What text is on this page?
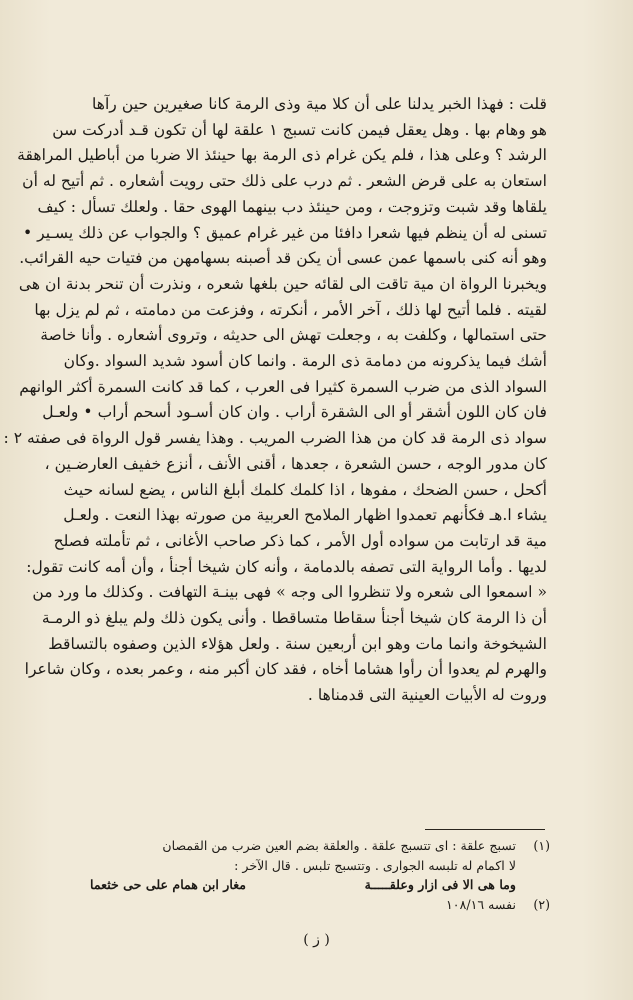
قلت : فهذا الخبر يدلنا على أن كلا مية وذى الرمة كانا صغيرين حين رآها
هو وهام بها . وهل يعقل فيمن كانت تسبج ١ علقة لها أن تكون قـد أدركت سن
الرشد ؟ وعلى هذا ، فلم يكن غرام ذى الرمة بها حينئذ الا ضربا من أباطيل المراهقة
استعان به على قرض الشعر . ثم درب على ذلك حتى رويت أشعاره . ثم أتيح له أن
يلقاها وقد شبت وتزوجت ، ومن حينئذ دب بينهما الهوى حقا . ولعلك تسأل : كيف
تسنى له أن ينظم فيها شعرا دافئا من غير غرام عميق ؟ والجواب عن ذلك يسـير •
وهو أنه كنى باسمها عمن عسى أن يكن قد أصبنه بسهامهن من فتيات حيه القرائب.
ويخبرنا الرواة ان مية تاقت الى لقائه حين بلغها شعره ، ونذرت أن تنحر بدنة ان هى
لقيته . فلما أتيح لها ذلك ، آخر الأمر ، أنكرته ، وفزعت من دمامته ، ثم لم يزل بها
حتى استمالها ، وكلفت به ، وجعلت تهش الى حديثه ، وتروى أشعاره . وأنا خاصة
أشك فيما يذكرونه من دمامة ذى الرمة . وانما كان أسود شديد السواد .وكان
السواد الذى من ضرب السمرة كثيرا فى العرب ، كما قد كانت السمرة أكثر الوانهم
فان كان اللون أشقر أو الى الشقرة أراب . وان كان أسـود أسحم أراب • ولعـل
سواد ذى الرمة قد كان من هذا الضرب المريب . وهذا يفسر قول الرواة فى صفته ٢ :
كان مدور الوجه ، حسن الشعرة ، جعدها ، أقنى الأنف ، أنزع خفيف العارضـين ،
أكحل ، حسن الضحك ، مفوها ، اذا كلمك كلمك أبلغ الناس ، يضع لسانه حيث
يشاء ا.هـ فكأنهم تعمدوا اظهار الملامح العربية من صورته بهذا النعت . ولعـل
مية قد ارتابت من سواده أول الأمر ، كما ذكر صاحب الأغانى ، ثم تأملته فصلح
لديها . وأما الرواية التى تصفه بالدمامة ، وأنه كان شيخا أجنأ ، وأن أمه كانت تقول:
« اسمعوا الى شعره ولا تنظروا الى وجه » فهى بينـة التهافت . وكذلك ما ورد من
أن ذا الرمة كان شيخا أجنأ سقاطا متساقطا . وأنى يكون ذلك ولم يبلغ ذو الرمـة
الشيخوخة وانما مات وهو ابن أربعين سنة . ولعل هؤلاء الذين وصفوه بالتساقط
والهرم لم يعدوا أن رأوا هشاما أخاه ، فقد كان أكبر منه ، وعمر بعده ، وكان شاعرا
وروت له الأبيات العينية التى قدمناها .
(١)
تسبج علقة : اى تتسبج علقة . والعلقة بضم العين ضرب من القمصان
لا اكمام له تلبسه الجوارى . وتتسبج تلبس . قال الآخر :
وما هى الا فى ازار وعلقـــــة
مغار ابن همام على حى خثعما
(٢)
نفسه ١٠٨/١٦
( ز )
